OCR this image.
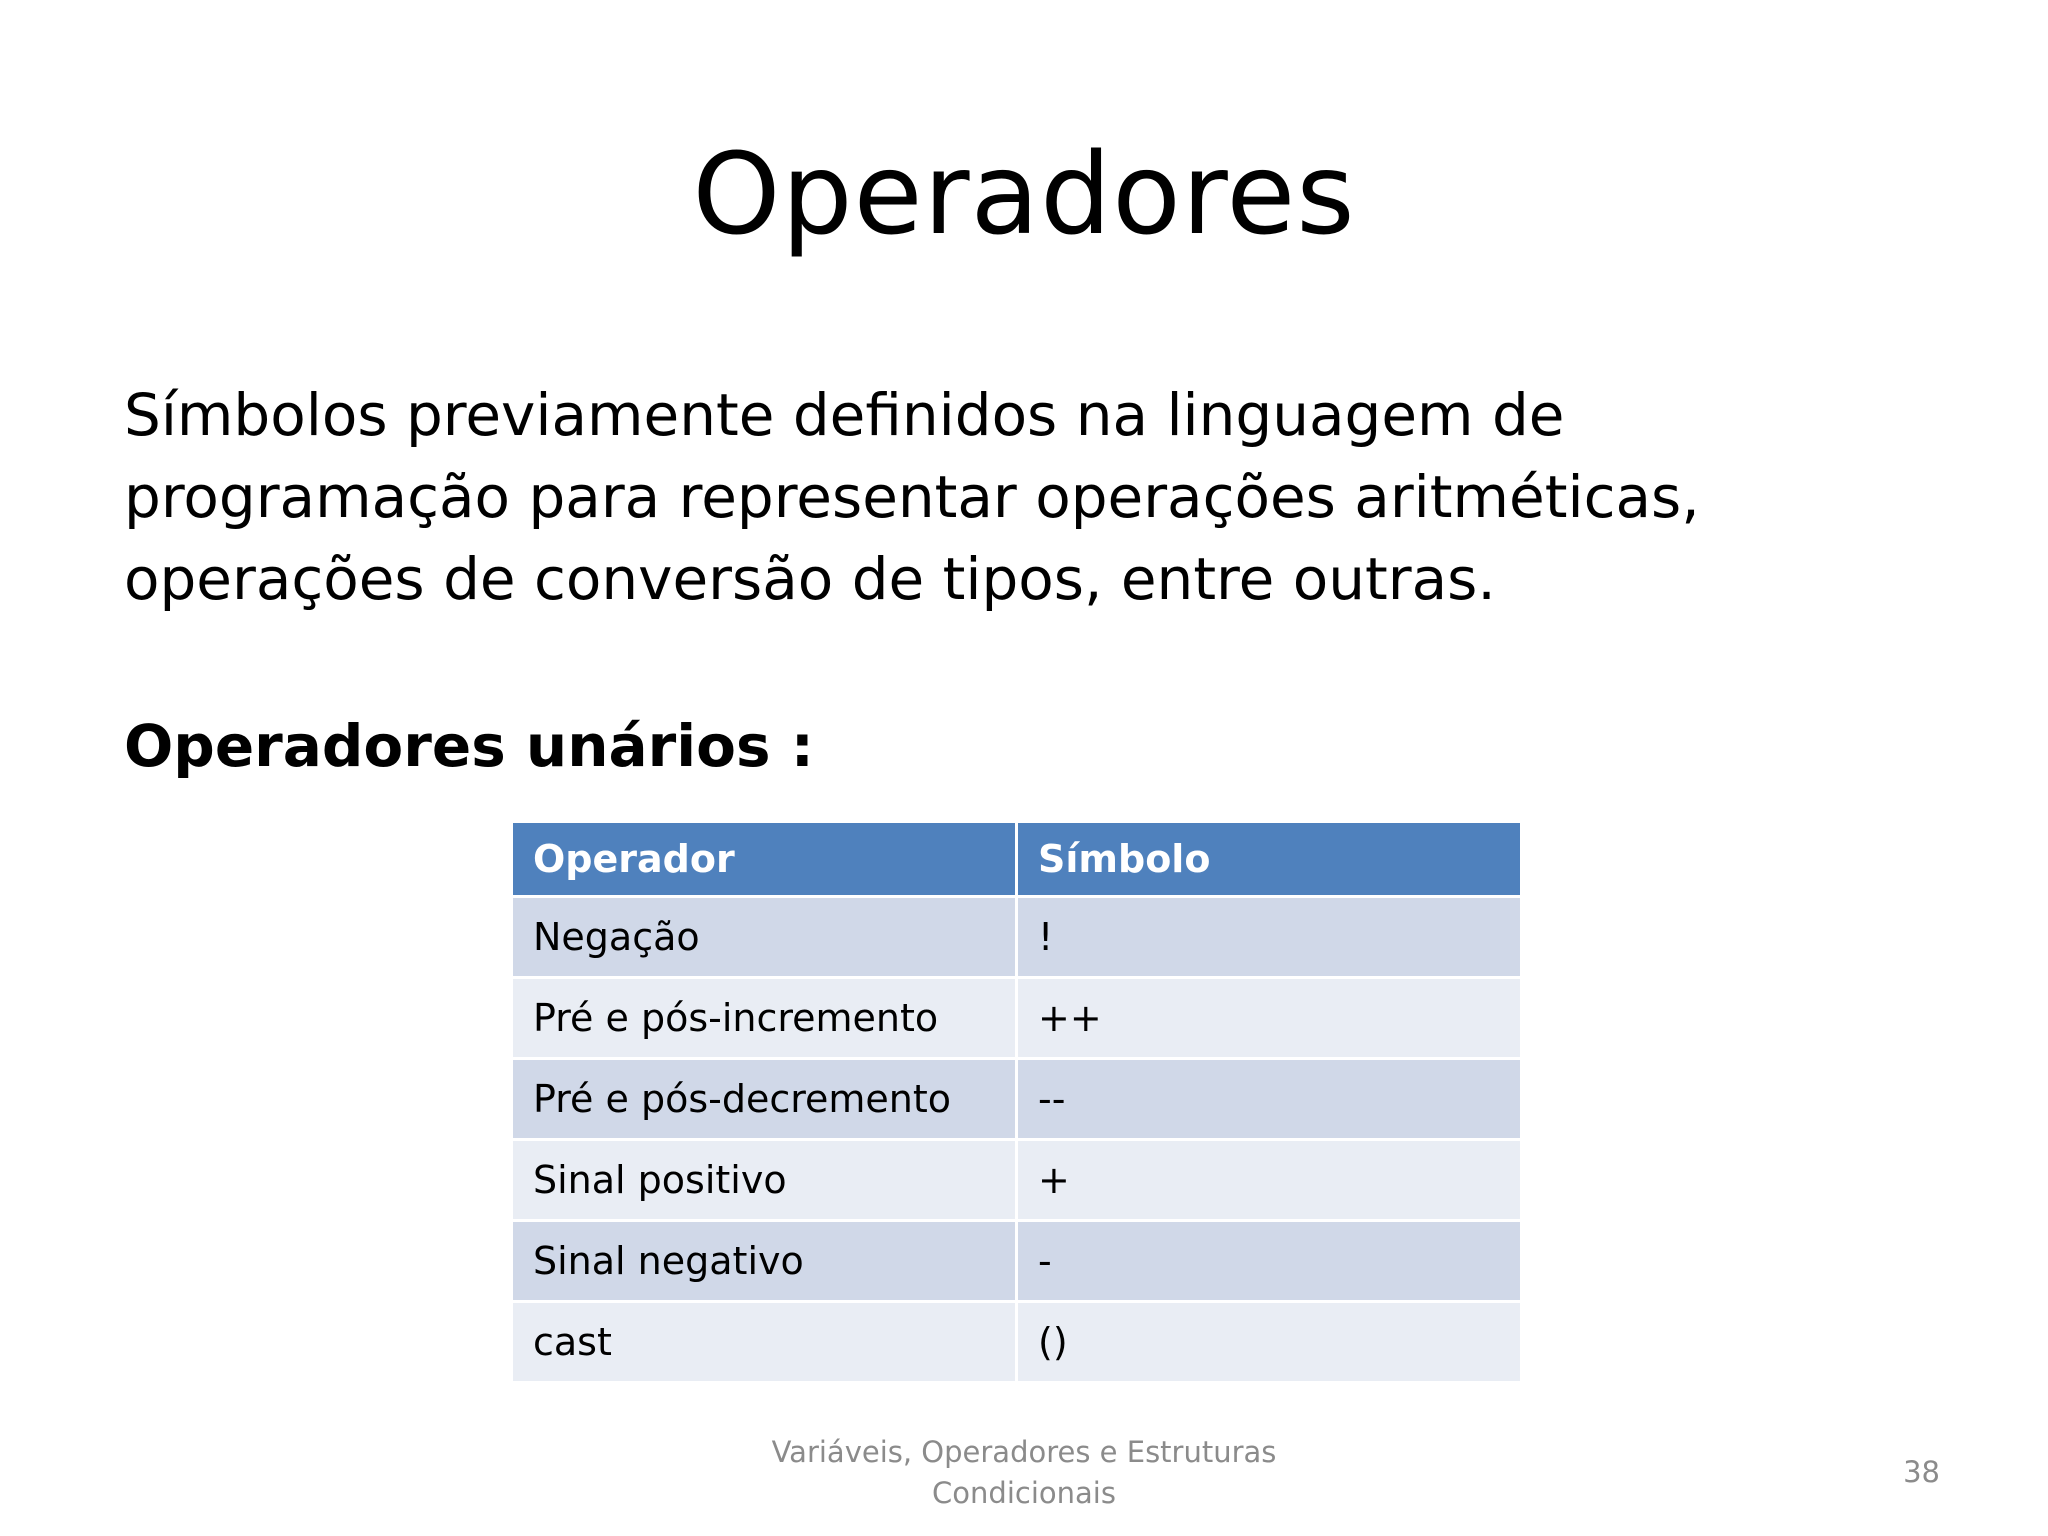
Operadores
Símbolos previamente definidos na linguagem de programação para representar operações aritméticas, operações de conversão de tipos, entre outras.
Operadores unários :
Operador	Símbolo
Negação	!
Pré e pós-incremento	++
Pré e pós-decremento	--
Sinal positivo	+
Sinal negativo	-
cast	()
Variáveis, Operadores e Estruturas
Condicionais
38
